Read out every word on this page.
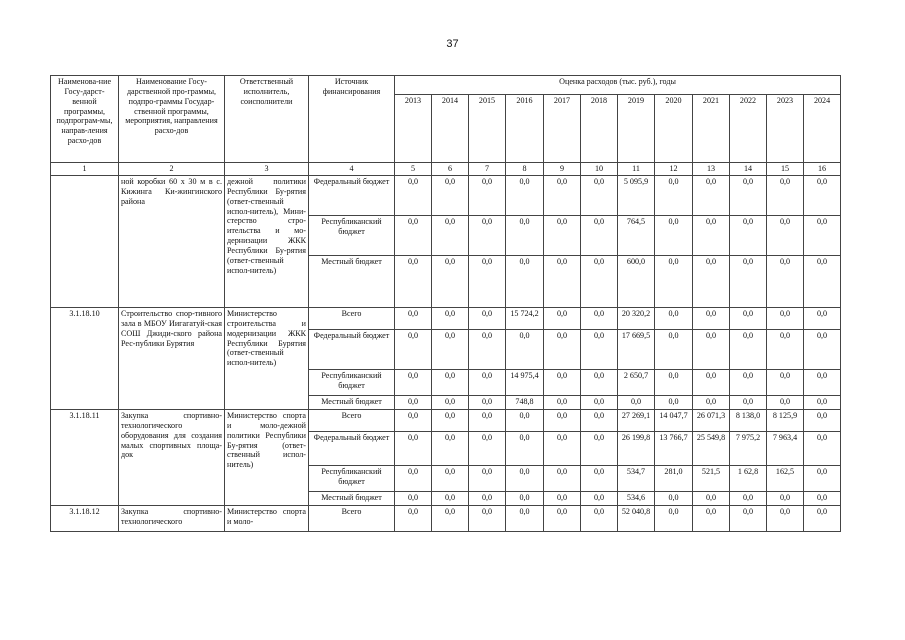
37
Наименова-ние Госу-дарст-венной программы, подпрограм-мы, направ-ления расхо-дов	Наименование Госу-дарственной про-граммы, подпро-граммы Государ-ственной программы, мероприятия, направления расхо-дов	Ответственный исполнитель, соисполнители	Источник финансирования	Оценка расходов (тыс. руб.), годы											
				2013	2014	2015	2016	2017	2018	2019	2020	2021	2022	2023	2024
1	2	3	4	5	6	7	8	9	10	11	12	13	14	15	16
	ной коробки 60 х 30 м в с. Кижинга Ки-жингинского района	дежной политики Республики Бу-рятия (ответ-ственный испол-нитель), Мини-стерство стро-ительства и мо-дернизации ЖКК Республики Бу-рятия (ответ-ственный испол-нитель)	Федеральный бюджет	0,0	0,0	0,0	0,0	0,0	0,0	5 095,9	0,0	0,0	0,0	0,0	0,0
			Республиканский бюджет	0,0	0,0	0,0	0,0	0,0	0,0	764,5	0,0	0,0	0,0	0,0	0,0
			Местный бюджет	0,0	0,0	0,0	0,0	0,0	0,0	600,0	0,0	0,0	0,0	0,0	0,0
3.1.18.10	Строительство спор-тивного зала в МБОУ Иигагатуй-ская СОШ Джиди-ского района Рес-публики Бурятия	Министерство строительства и модернизации ЖКК Республики Бурятия (ответ-ственный испол-нитель)	Всего	0,0	0,0	0,0	15 724,2	0,0	0,0	20 320,2	0,0	0,0	0,0	0,0	0,0
			Федеральный бюджет	0,0	0,0	0,0	0,0	0,0	0,0	17 669,5	0,0	0,0	0,0	0,0	0,0
			Республиканский бюджет	0,0	0,0	0,0	14 975,4	0,0	0,0	2 650,7	0,0	0,0	0,0	0,0	0,0
			Местный бюджет	0,0	0,0	0,0	748,8	0,0	0,0	0,0	0,0	0,0	0,0	0,0	0,0
3.1.18.11	Закупка спортивно-технологического оборудования для создания малых спортивных площа-док	Министерство спорта и моло-дежной политики Республики Бу-рятия (ответ-ственный испол-нитель)	Всего	0,0	0,0	0,0	0,0	0,0	0,0	27 269,1	14 047,7	26 071,3	8 138,0	8 125,9	0,0
			Федеральный бюджет	0,0	0,0	0,0	0,0	0,0	0,0	26 199,8	13 766,7	25 549,8	7 975,2	7 963,4	0,0
			Республиканский бюджет	0,0	0,0	0,0	0,0	0,0	0,0	534,7	281,0	521,5	1 62,8	162,5	0,0
			Местный бюджет	0,0	0,0	0,0	0,0	0,0	0,0	534,6	0,0	0,0	0,0	0,0	0,0
3.1.18.12	Закупка спортивно-технологического	Министерство спорта и моло-	Всего	0,0	0,0	0,0	0,0	0,0	0,0	52 040,8	0,0	0,0	0,0	0,0	0,0
